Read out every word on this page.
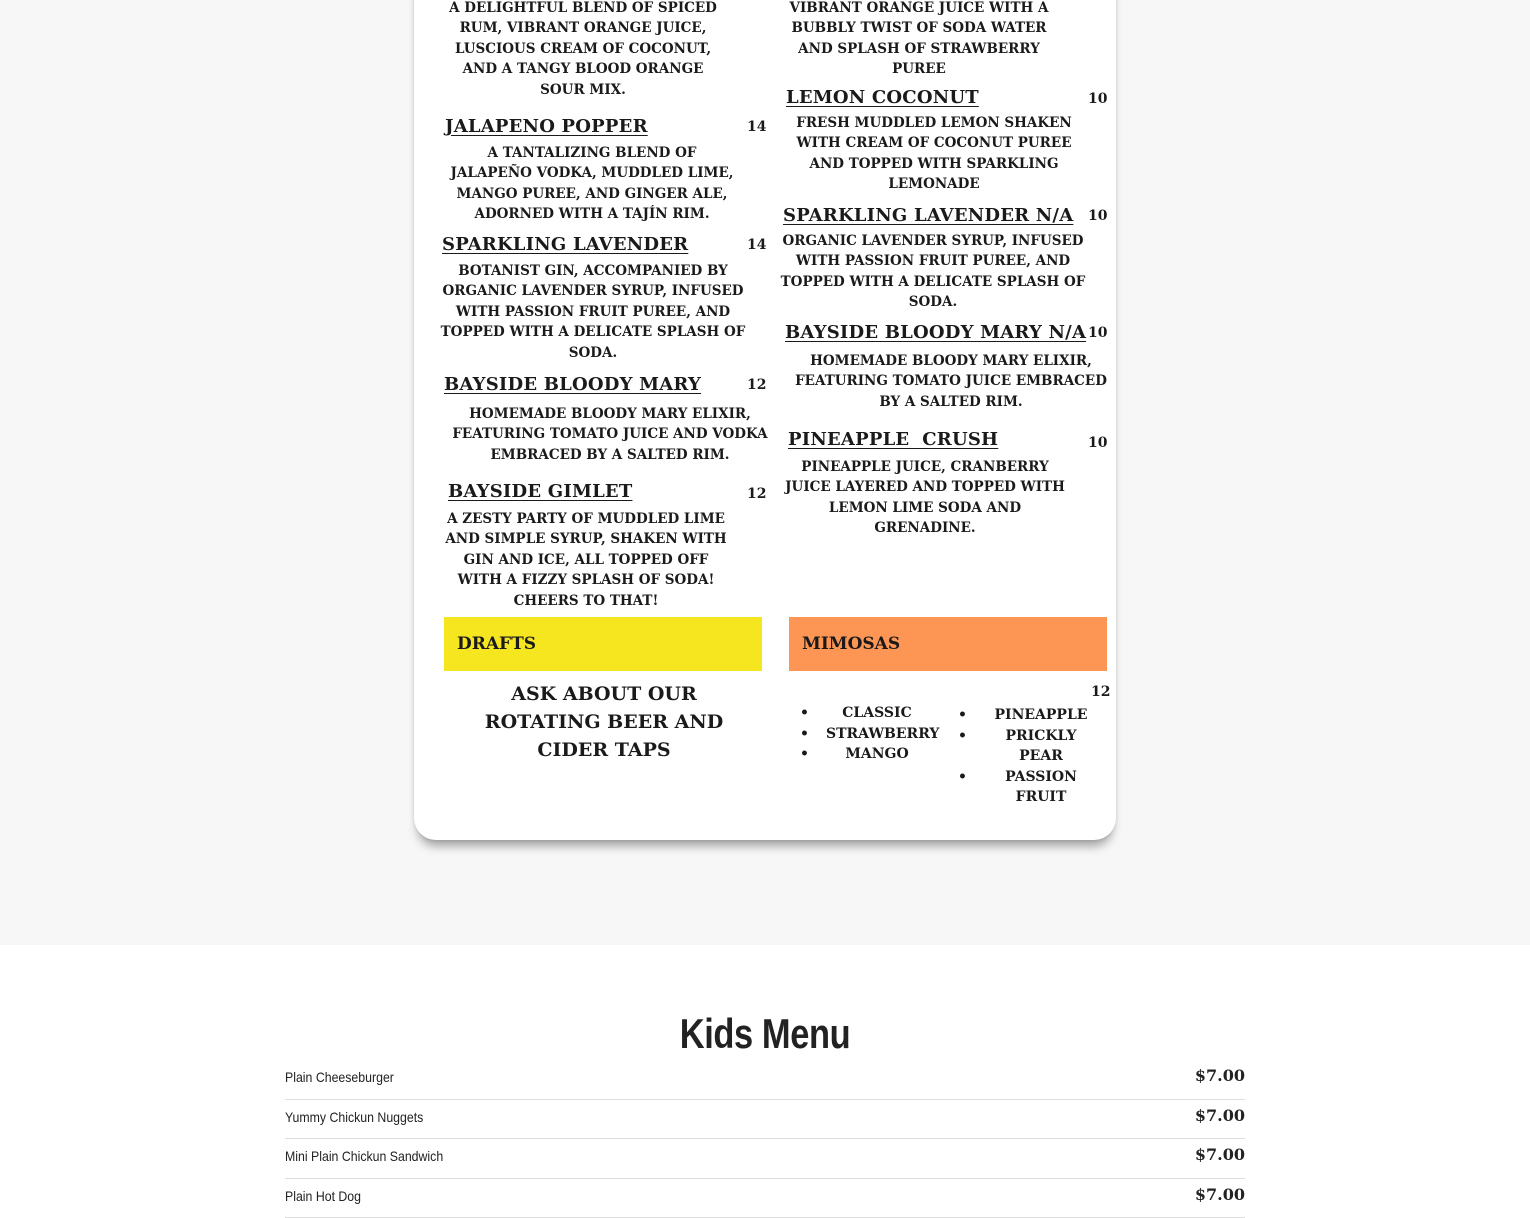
A DELIGHTFUL BLEND OF SPICED RUM, VIBRANT ORANGE JUICE, LUSCIOUS CREAM OF COCONUT, AND A TANGY BLOOD ORANGE SOUR MIX.
JALAPENO POPPER	14
A TANTALIZING BLEND OF JALAPEÑO VODKA, MUDDLED LIME, MANGO PUREE, AND GINGER ALE, ADORNED WITH A TAJÍN RIM.
SPARKLING LAVENDER	14
BOTANIST GIN, ACCOMPANIED BY ORGANIC LAVENDER SYRUP, INFUSED WITH PASSION FRUIT PUREE, AND TOPPED WITH A DELICATE SPLASH OF SODA.
BAYSIDE BLOODY MARY	12
HOMEMADE BLOODY MARY ELIXIR, FEATURING TOMATO JUICE AND VODKA EMBRACED BY A SALTED RIM.
BAYSIDE GIMLET	12
A ZESTY PARTY OF MUDDLED LIME AND SIMPLE SYRUP, SHAKEN WITH GIN AND ICE, ALL TOPPED OFF WITH A FIZZY SPLASH OF SODA! CHEERS TO THAT!
VIBRANT ORANGE JUICE WITH A BUBBLY TWIST OF SODA WATER AND SPLASH OF STRAWBERRY PUREE
LEMON COCONUT	10
FRESH MUDDLED LEMON SHAKEN WITH CREAM OF COCONUT PUREE AND TOPPED WITH SPARKLING LEMONADE
SPARKLING LAVENDER N/A 10
ORGANIC LAVENDER SYRUP, INFUSED WITH PASSION FRUIT PUREE, AND TOPPED WITH A DELICATE SPLASH OF SODA.
BAYSIDE BLOODY MARY N/A 10
HOMEMADE BLOODY MARY ELIXIR, FEATURING TOMATO JUICE EMBRACED BY A SALTED RIM.
PINEAPPLE  CRUSH	10
PINEAPPLE JUICE, CRANBERRY JUICE LAYERED AND TOPPED WITH LEMON LIME SODA AND GRENADINE.
DRAFTS
ASK ABOUT OUR ROTATING BEER AND CIDER TAPS
MIMOSAS
12
• CLASSIC
• STRAWBERRY
•	MANGO
• PINEAPPLE
•	PRICKLY PEAR
•	PASSION FRUIT
Kids Menu
Plain Cheeseburger	$7.00
Yummy Chickun Nuggets	$7.00
Mini Plain Chickun Sandwich	$7.00
Plain Hot Dog	$7.00
